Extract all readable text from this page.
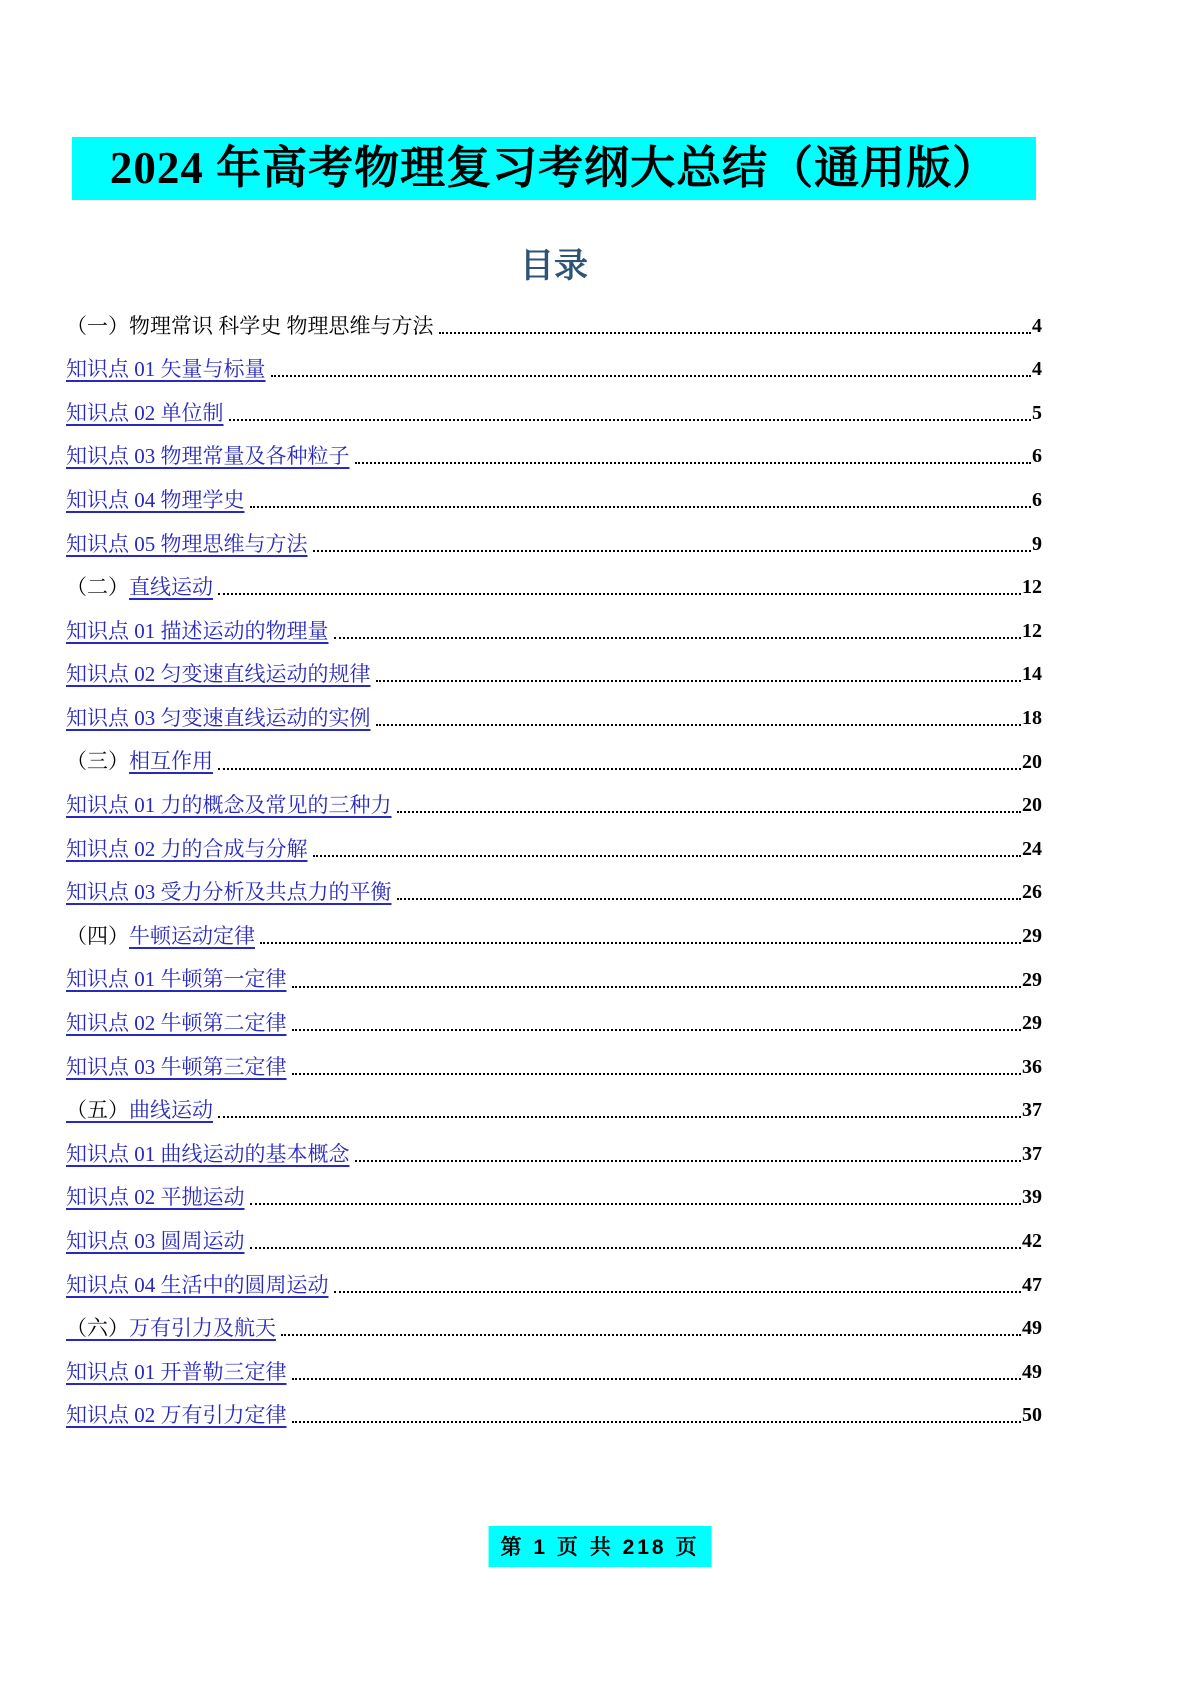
2024 年高考物理复习考纲大总结（通用版）
目录
（一） 物理常识 科学史 物理思维与方法	4
知识点 01 矢量与标量	4
知识点 02 单位制	5
知识点 03 物理常量及各种粒子	6
知识点 04 物理学史	6
知识点 05 物理思维与方法	9
（二） 直线运动	12
知识点 01 描述运动的物理量	12
知识点 02 匀变速直线运动的规律	14
知识点 03 匀变速直线运动的实例	18
（三） 相互作用	20
知识点 01 力的概念及常见的三种力	20
知识点 02 力的合成与分解	24
知识点 03 受力分析及共点力的平衡	26
（四） 牛顿运动定律	29
知识点 01 牛顿第一定律	29
知识点 02 牛顿第二定律	29
知识点 03 牛顿第三定律	36
（五） 曲线运动	37
知识点 01 曲线运动的基本概念	37
知识点 02 平抛运动	39
知识点 03 圆周运动	42
知识点 04 生活中的圆周运动	47
（六） 万有引力及航天	49
知识点 01 开普勒三定律	49
知识点 02 万有引力定律	50
第 1 页 共 218 页
